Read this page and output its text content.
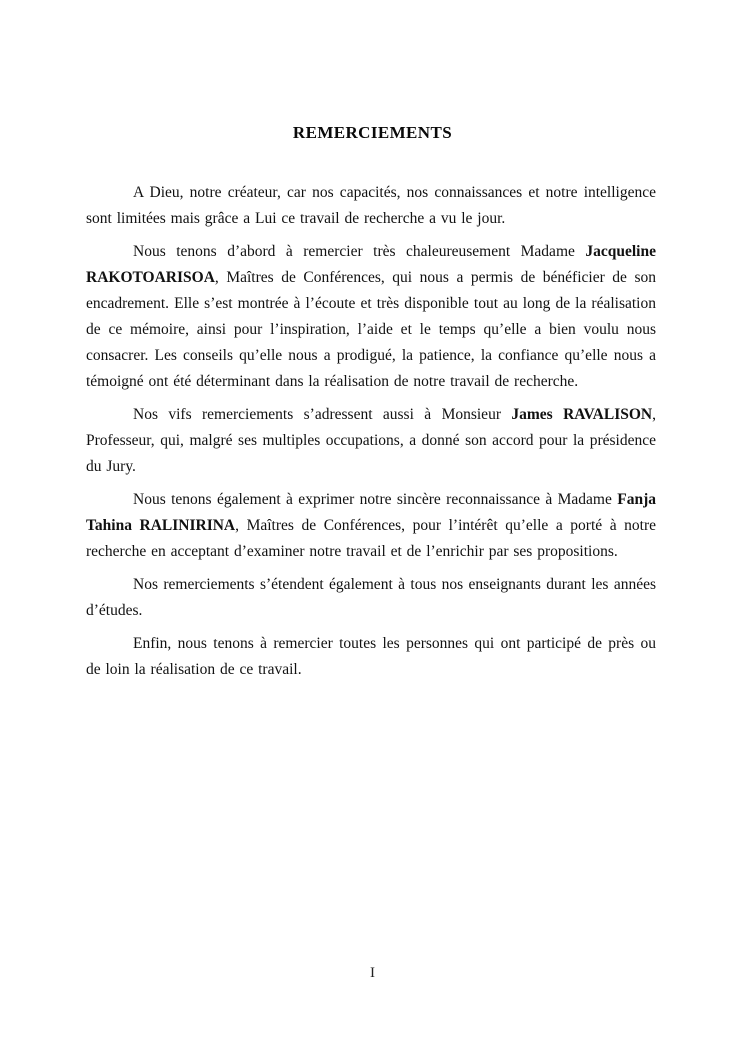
REMERCIEMENTS

A Dieu, notre créateur, car nos capacités, nos connaissances et notre intelligence sont limitées mais grâce a Lui ce travail de recherche a vu le jour.

Nous tenons d’abord à remercier très chaleureusement Madame Jacqueline RAKOTOARISOA, Maîtres de Conférences, qui nous a permis de bénéficier de son encadrement. Elle s’est montrée à l’écoute et très disponible tout au long de la réalisation de ce mémoire, ainsi pour l’inspiration, l’aide et le temps qu’elle a bien voulu nous consacrer. Les conseils qu’elle nous a prodigué, la patience, la confiance qu’elle nous a témoigné ont été déterminant dans la réalisation de notre travail de recherche.

Nos vifs remerciements s’adressent aussi à Monsieur James RAVALISON, Professeur, qui, malgré ses multiples occupations, a donné son accord pour la présidence du Jury.

Nous tenons également à exprimer notre sincère reconnaissance à Madame Fanja Tahina RALINIRINA, Maîtres de Conférences, pour l’intérêt qu’elle a porté à notre recherche en acceptant d’examiner notre travail et de l’enrichir par ses propositions.

Nos remerciements s’étendent également à tous nos enseignants durant les années d’études.

Enfin, nous tenons à remercier toutes les personnes qui ont participé de près ou de loin la réalisation de ce travail.

I
